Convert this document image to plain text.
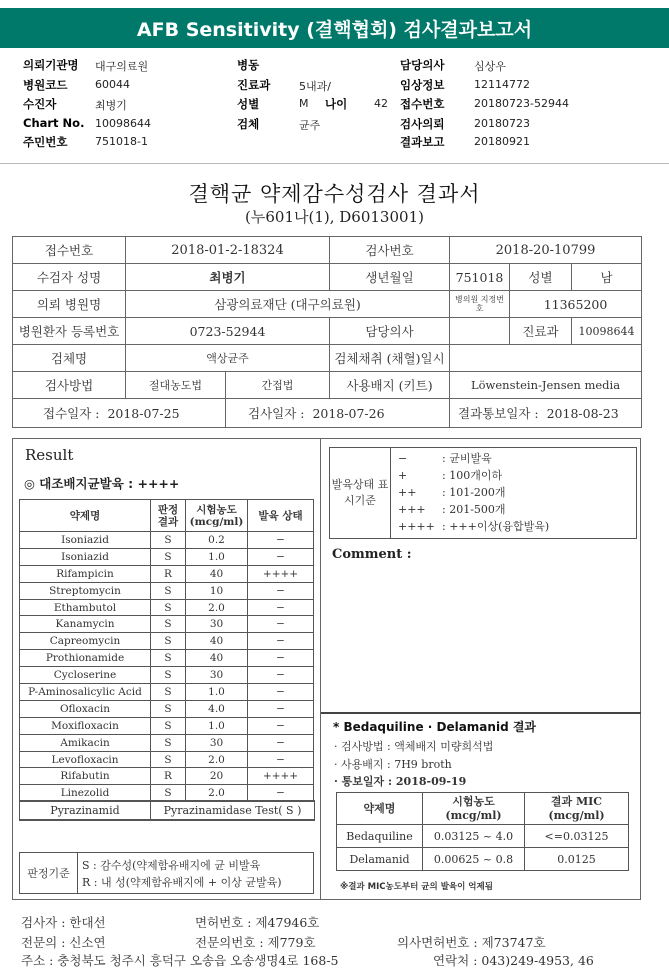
AFB Sensitivity (결핵협회) 검사결과보고서
의뢰기관명 대구의료원
병원코드	60044
수진자	최병기
Chart No. 10098644
주민번호	751018-1
병동
진료과	5내과/
성별	M 나이 42
검체	균주
담당의사	심상우
임상정보	12114772
접수번호	20180723-52944
검사의뢰	20180723
결과보고	20180921
결핵균 약제감수성검사 결과서
(누601나(1), D6013001)
접수번호	2018-01-2-18324		검사번호	2018-20-10799		
수검자 성명	최병기		생년월일	751018	성별	남
의뢰 병원명	삼광의료재단 (대구의료원)			병의원 지정번호	11365200	
병원환자 등록번호	0723-52944		담당의사		진료과	10098644
검체명	액상균주		검체채취 (채혈)일시			
검사방법	절대농도법	간접법	사용배지 (키트)	Löwenstein-Jensen media		
접수일자 : 2018-07-25		검사일자 : 2018-07-26		결과통보일자 : 2018-08-23		
Result
◎ 대조배지균발육 : ++++
약제명	판정 결과	시험농도 (mcg/ml)	발육 상태
Isoniazid	S	0.2	−
Isoniazid	S	1.0	−
Rifampicin	R	40	++++
Streptomycin	S	10	−
Ethambutol	S	2.0	−
Kanamycin	S	30	−
Capreomycin	S	40	−
Prothionamide	S	40	−
Cycloserine	S	30	−
P-Aminosalicylic Acid	S	1.0	−
Ofloxacin	S	4.0	−
Moxifloxacin	S	1.0	−
Amikacin	S	30	−
Levofloxacin	S	2.0	−
Rifabutin	R	20	++++
Linezolid	S	2.0	−
Pyrazinamid	Pyrazinamidase Test( S )
판정기준
S : 감수성(약제함유배지에 균 비발육
R : 내 성(약제함유배지에 + 이상 균발육)
발육상태 표시기준
−	: 균비발육
+	: 100개이하
++ : 101-200개
+++ : 201-500개
++++ : +++이상(융합발육)
Comment :
* Bedaquiline · Delamanid 결과
· 검사방법 : 액체배지 미량희석법
· 사용배지 : 7H9 broth
· 통보일자 : 2018-09-19
약제명	시험농도 (mcg/ml)	결과 MIC (mcg/ml)
Bedaquiline	0.03125 ~ 4.0	<=0.03125
Delamanid	0.00625 ~ 0.8	0.0125
※결과 MIC농도부터 균의 발육이 억제됨
검사자 : 한대선	면허번호 : 제47946호
전문의 : 신소연	전문의번호 : 제779호	의사면허번호 : 제73747호
주소 : 충청북도 청주시 흥덕구 오송읍 오송생명4로 168-5	연락처 : 043)249-4953, 46
